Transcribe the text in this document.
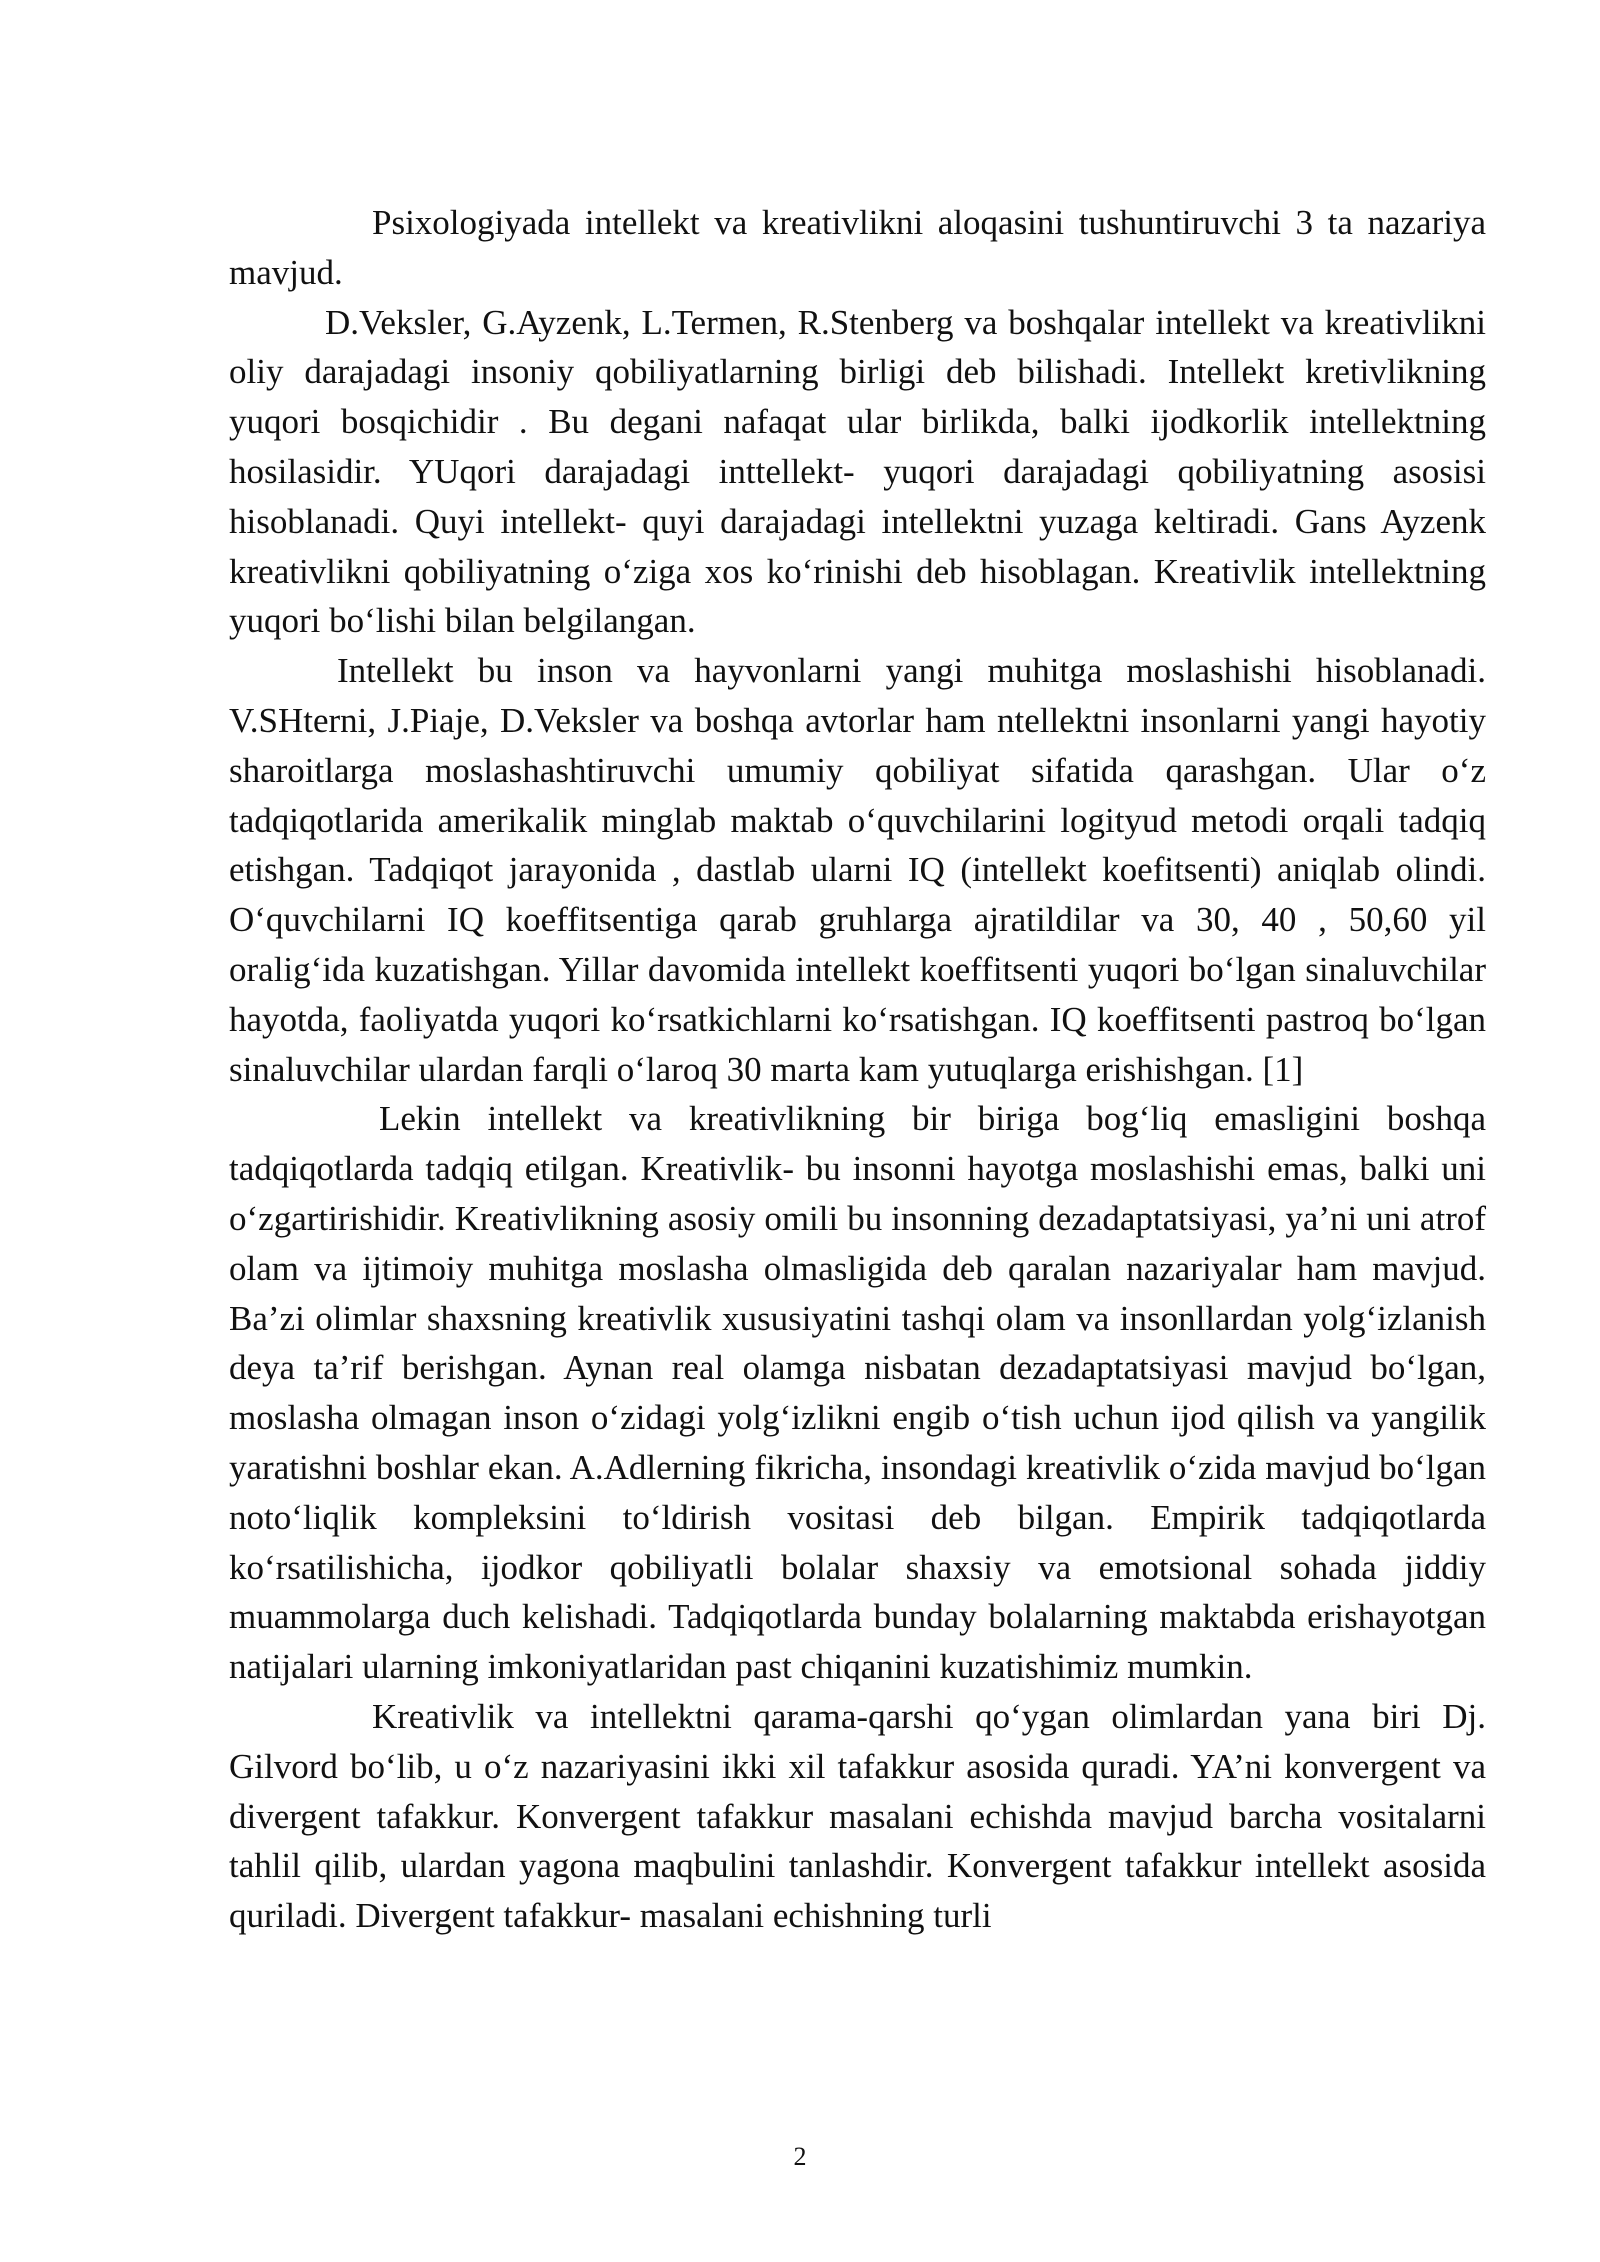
Psixologiyada intellekt va kreativlikni aloqasini tushuntiruvchi 3 ta nazariya mavjud.

D.Veksler, G.Ayzenk, L.Termen, R.Stenberg va boshqalar intellekt va kreativlikni oliy darajadagi insoniy qobiliyatlarning birligi deb bilishadi. Intellekt kretivlikning yuqori bosqichidir . Bu degani nafaqat ular birlikda, balki ijodkorlik intellektning hosilasidir. YUqori darajadagi inttellekt- yuqori darajadagi qobiliyatning asosisi hisoblanadi. Quyi intellekt- quyi darajadagi intellektni yuzaga keltiradi. Gans Ayzenk kreativlikni qobiliyatning o‘ziga xos ko‘rinishi deb hisoblagan. Kreativlik intellektning yuqori bo‘lishi bilan belgilangan.

Intellekt bu inson va hayvonlarni yangi muhitga moslashishi hisoblanadi. V.SHterni, J.Piaje, D.Veksler va boshqa avtorlar ham ntellektni insonlarni yangi hayotiy sharoitlarga moslashashtiruvchi umumiy qobiliyat sifatida qarashgan. Ular o‘z tadqiqotlarida amerikalik minglab maktab o‘quvchilarini logityud metodi orqali tadqiq etishgan. Tadqiqot jarayonida , dastlab ularni IQ (intellekt koefitsenti) aniqlab olindi. O‘quvchilarni IQ koeffitsentiga qarab gruhlarga ajratildilar va 30, 40 , 50,60 yil oralig‘ida kuzatishgan. Yillar davomida intellekt koeffitsenti yuqori bo‘lgan sinaluvchilar hayotda, faoliyatda yuqori ko‘rsatkichlarni ko‘rsatishgan. IQ koeffitsenti pastroq bo‘lgan sinaluvchilar ulardan farqli o‘laroq 30 marta kam yutuqlarga erishishgan. [1]

Lekin intellekt va kreativlikning bir biriga bog‘liq emasligini boshqa tadqiqotlarda tadqiq etilgan. Kreativlik- bu insonni hayotga moslashishi emas, balki uni o‘zgartirishidir. Kreativlikning asosiy omili bu insonning dezadaptatsiyasi, ya’ni uni atrof olam va ijtimoiy muhitga moslasha olmasligida deb qaralan nazariyalar ham mavjud. Ba’zi olimlar shaxsning kreativlik xususiyatini tashqi olam va insonllardan yolg‘izlanish deya ta’rif berishgan. Aynan real olamga nisbatan dezadaptatsiyasi mavjud bo‘lgan, moslasha olmagan inson o‘zidagi yolg‘izlikni engib o‘tish uchun ijod qilish va yangilik yaratishni boshlar ekan. A.Adlerning fikricha, insondagi kreativlik o‘zida mavjud bo‘lgan noto‘liqlik kompleksini to‘ldirish vositasi deb bilgan. Empirik tadqiqotlarda ko‘rsatilishicha, ijodkor qobiliyatli bolalar shaxsiy va emotsional sohada jiddiy muammolarga duch kelishadi. Tadqiqotlarda bunday bolalarning maktabda erishayotgan natijalari ularning imkoniyatlaridan past chiqanini kuzatishimiz mumkin.

Kreativlik va intellektni qarama-qarshi qo‘ygan olimlardan yana biri Dj. Gilvord bo‘lib, u o‘z nazariyasini ikki xil tafakkur asosida quradi. YA’ni konvergent va divergent tafakkur. Konvergent tafakkur masalani echishda mavjud barcha vositalarni tahlil qilib, ulardan yagona maqbulini tanlashdir. Konvergent tafakkur intellekt asosida quriladi. Divergent tafakkur- masalani echishning turli

2
